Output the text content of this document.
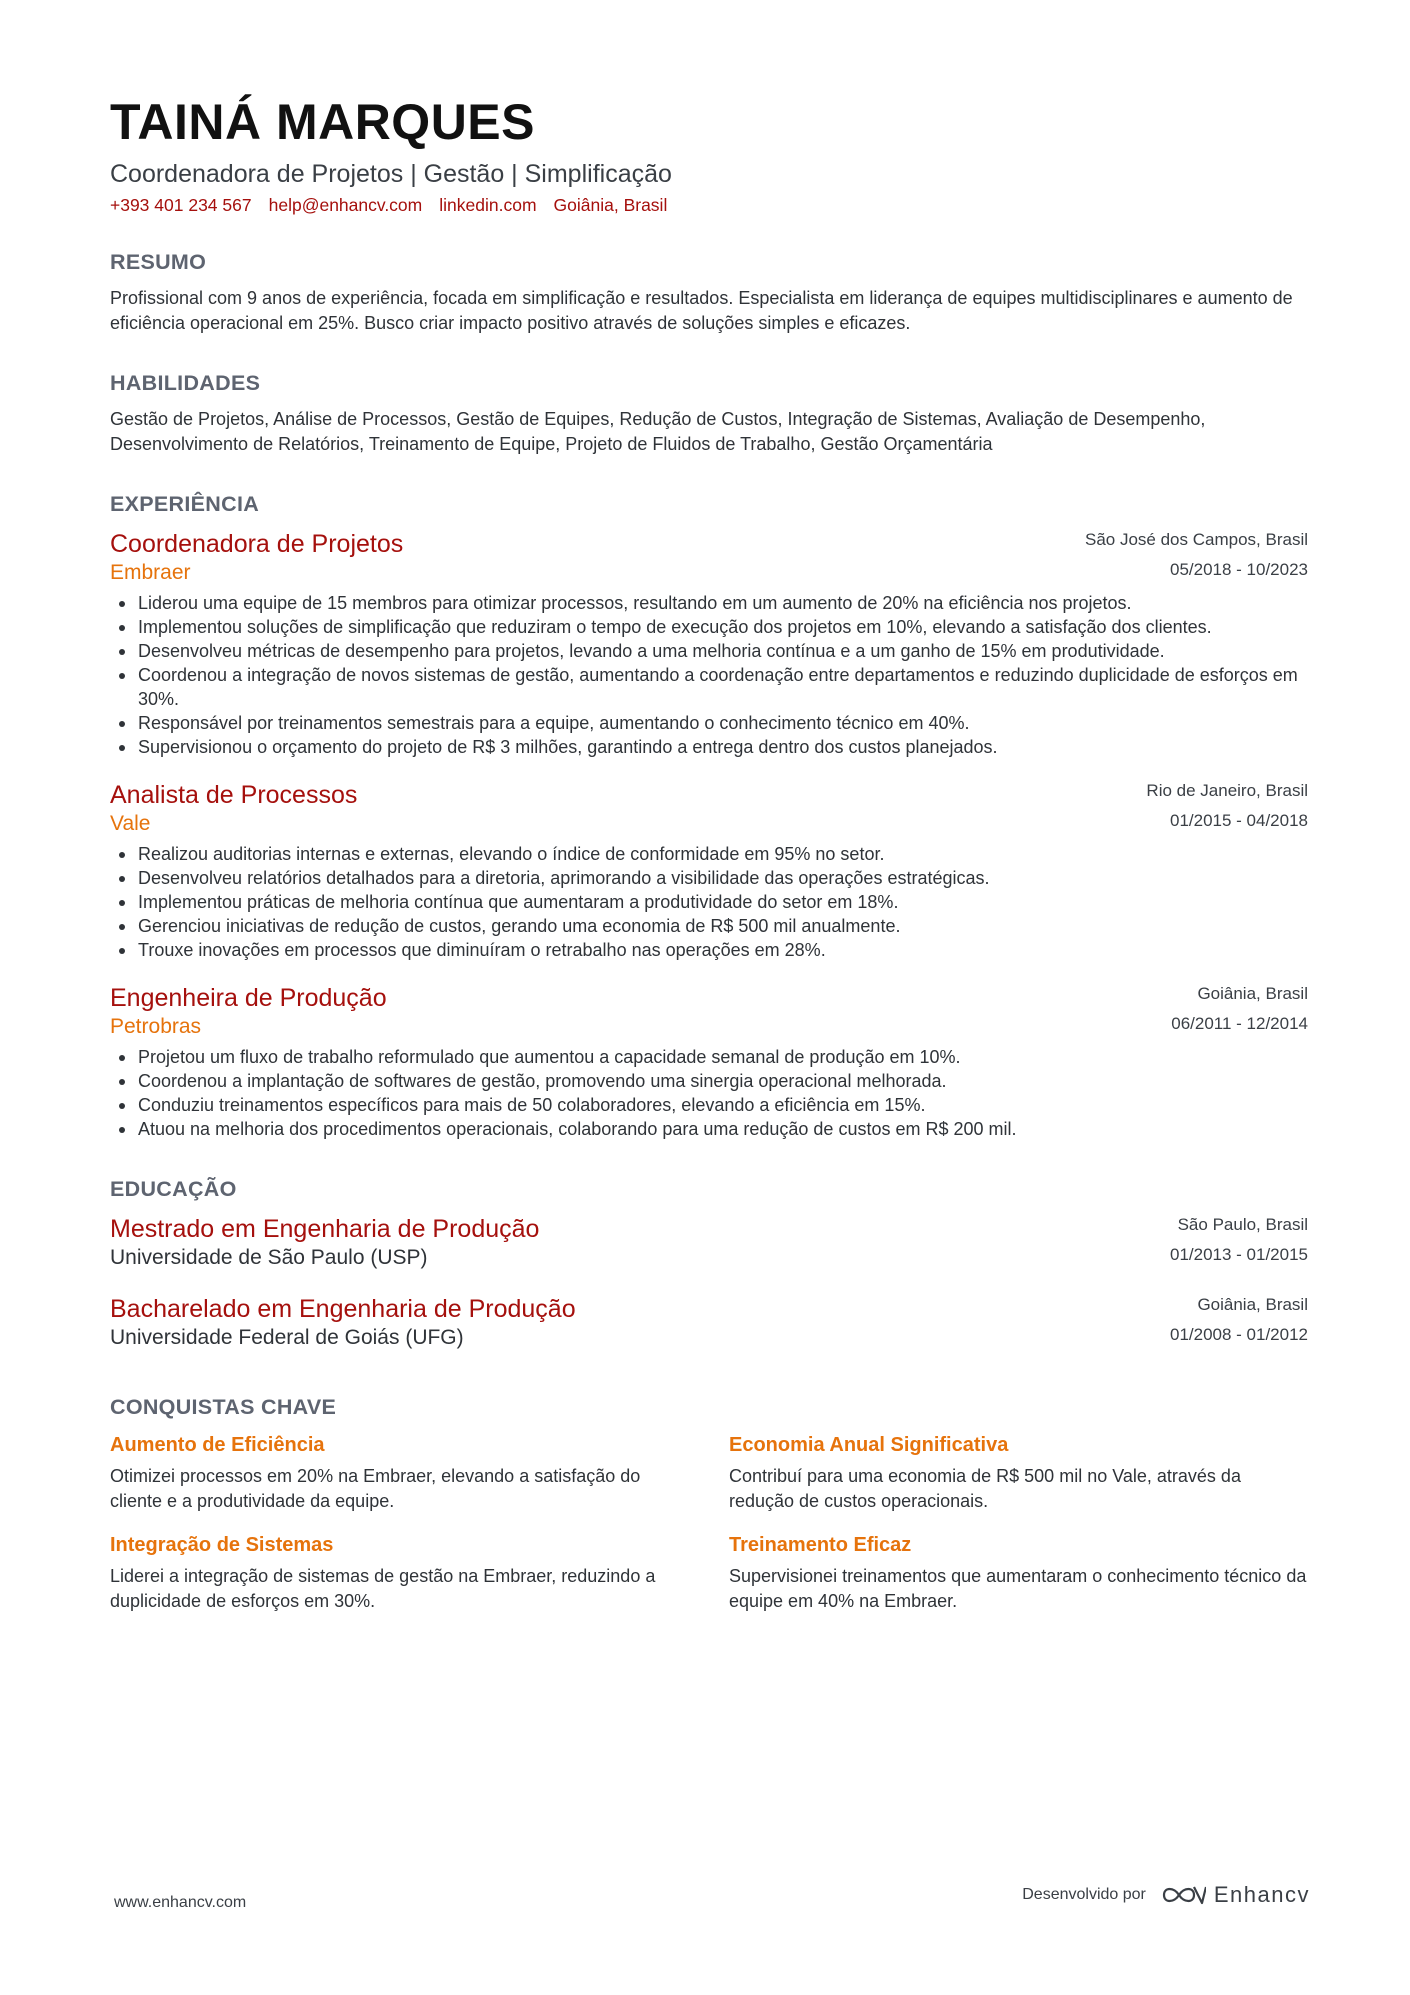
TAINÁ MARQUES
Coordenadora de Projetos | Gestão | Simplificação
+393 401 234 567 help@enhancv.com linkedin.com Goiânia, Brasil
RESUMO
Profissional com 9 anos de experiência, focada em simplificação e resultados. Especialista em liderança de equipes multidisciplinares e aumento de eficiência operacional em 25%. Busco criar impacto positivo através de soluções simples e eficazes.
HABILIDADES
Gestão de Projetos , Análise de Processos , Gestão de Equipes , Redução de Custos , Integração de Sistemas , Avaliação de Desempenho , Desenvolvimento de Relatórios , Treinamento de Equipe , Projeto de Fluidos de Trabalho , Gestão Orçamentária
EXPERIÊNCIA
Coordenadora de Projetos
Embraer
São José dos Campos, Brasil
05/2018 - 10/2023
Liderou uma equipe de 15 membros para otimizar processos, resultando em um aumento de 20% na eficiência nos projetos.
Implementou soluções de simplificação que reduziram o tempo de execução dos projetos em 10%, elevando a satisfação dos clientes.
Desenvolveu métricas de desempenho para projetos, levando a uma melhoria contínua e a um ganho de 15% em produtividade.
Coordenou a integração de novos sistemas de gestão, aumentando a coordenação entre departamentos e reduzindo duplicidade de esforços em 30%.
Responsável por treinamentos semestrais para a equipe, aumentando o conhecimento técnico em 40%.
Supervisionou o orçamento do projeto de R$ 3 milhões, garantindo a entrega dentro dos custos planejados.
Analista de Processos
Vale
Rio de Janeiro, Brasil
01/2015 - 04/2018
Realizou auditorias internas e externas, elevando o índice de conformidade em 95% no setor.
Desenvolveu relatórios detalhados para a diretoria, aprimorando a visibilidade das operações estratégicas.
Implementou práticas de melhoria contínua que aumentaram a produtividade do setor em 18%.
Gerenciou iniciativas de redução de custos, gerando uma economia de R$ 500 mil anualmente.
Trouxe inovações em processos que diminuíram o retrabalho nas operações em 28%.
Engenheira de Produção
Petrobras
Goiânia, Brasil
06/2011 - 12/2014
Projetou um fluxo de trabalho reformulado que aumentou a capacidade semanal de produção em 10%.
Coordenou a implantação de softwares de gestão, promovendo uma sinergia operacional melhorada.
Conduziu treinamentos específicos para mais de 50 colaboradores, elevando a eficiência em 15%.
Atuou na melhoria dos procedimentos operacionais, colaborando para uma redução de custos em R$ 200 mil.
EDUCAÇÃO
Mestrado em Engenharia de Produção
Universidade de São Paulo (USP)
São Paulo, Brasil
01/2013 - 01/2015
Bacharelado em Engenharia de Produção
Universidade Federal de Goiás (UFG)
Goiânia, Brasil
01/2008 - 01/2012
CONQUISTAS CHAVE
Aumento de Eficiência
Otimizei processos em 20% na Embraer, elevando a satisfação do cliente e a produtividade da equipe.
Economia Anual Significativa
Contribuí para uma economia de R$ 500 mil no Vale, através da redução de custos operacionais.
Integração de Sistemas
Liderei a integração de sistemas de gestão na Embraer, reduzindo a duplicidade de esforços em 30%.
Treinamento Eficaz
Supervisionei treinamentos que aumentaram o conhecimento técnico da equipe em 40% na Embraer.
www.enhancv.com	Desenvolvido por	Enhancv
